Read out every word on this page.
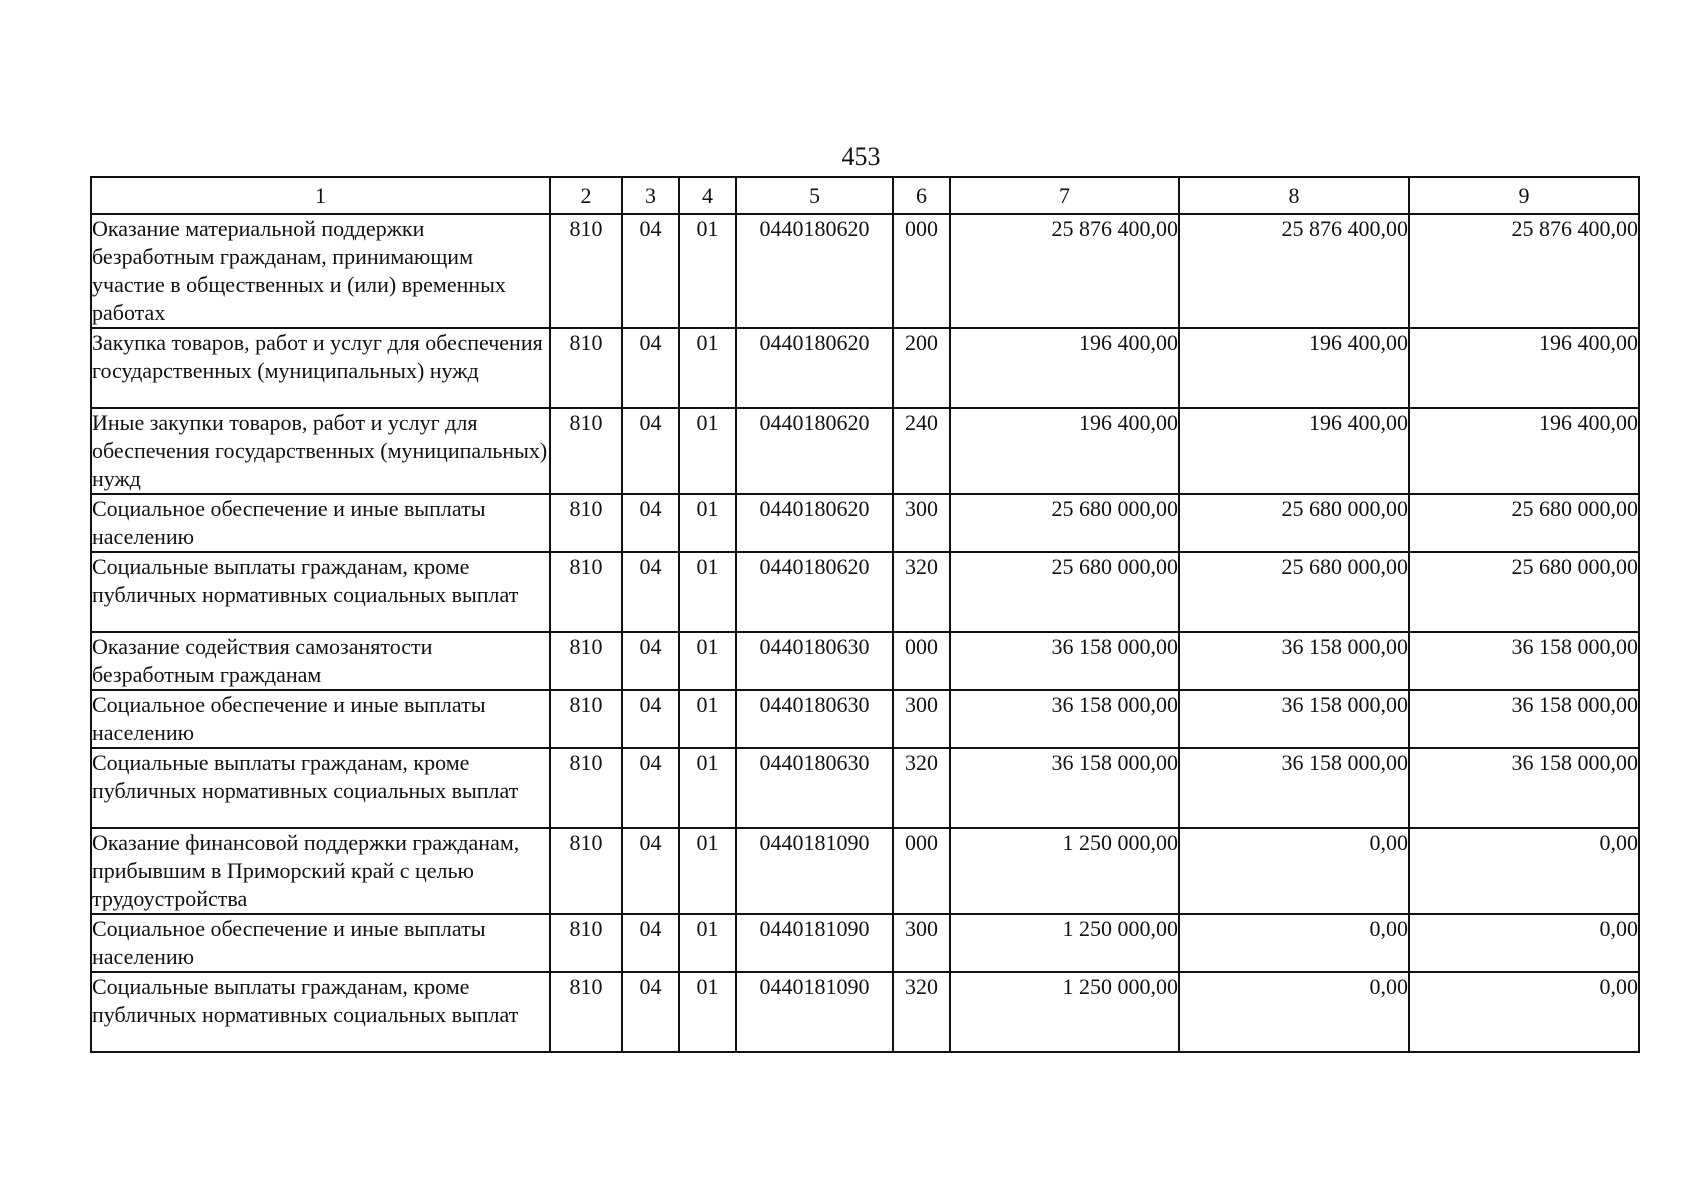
453
1	2	3	4	5	6	7	8	9
Оказание материальной поддержки безработным гражданам, принимающим участие в общественных и (или) временных работах	810	04	01	0440180620	000	25 876 400,00	25 876 400,00	25 876 400,00
Закупка товаров, работ и услуг для обеспечения государственных (муниципальных) нужд	810	04	01	0440180620	200	196 400,00	196 400,00	196 400,00
Иные закупки товаров, работ и услуг для обеспечения государственных (муниципальных) нужд	810	04	01	0440180620	240	196 400,00	196 400,00	196 400,00
Социальное обеспечение и иные выплаты населению	810	04	01	0440180620	300	25 680 000,00	25 680 000,00	25 680 000,00
Социальные выплаты гражданам, кроме публичных нормативных социальных выплат	810	04	01	0440180620	320	25 680 000,00	25 680 000,00	25 680 000,00
Оказание содействия самозанятости безработным гражданам	810	04	01	0440180630	000	36 158 000,00	36 158 000,00	36 158 000,00
Социальное обеспечение и иные выплаты населению	810	04	01	0440180630	300	36 158 000,00	36 158 000,00	36 158 000,00
Социальные выплаты гражданам, кроме публичных нормативных социальных выплат	810	04	01	0440180630	320	36 158 000,00	36 158 000,00	36 158 000,00
Оказание финансовой поддержки гражданам, прибывшим в Приморский край с целью трудоустройства	810	04	01	0440181090	000	1 250 000,00	0,00	0,00
Социальное обеспечение и иные выплаты населению	810	04	01	0440181090	300	1 250 000,00	0,00	0,00
Социальные выплаты гражданам, кроме публичных нормативных социальных выплат	810	04	01	0440181090	320	1 250 000,00	0,00	0,00
